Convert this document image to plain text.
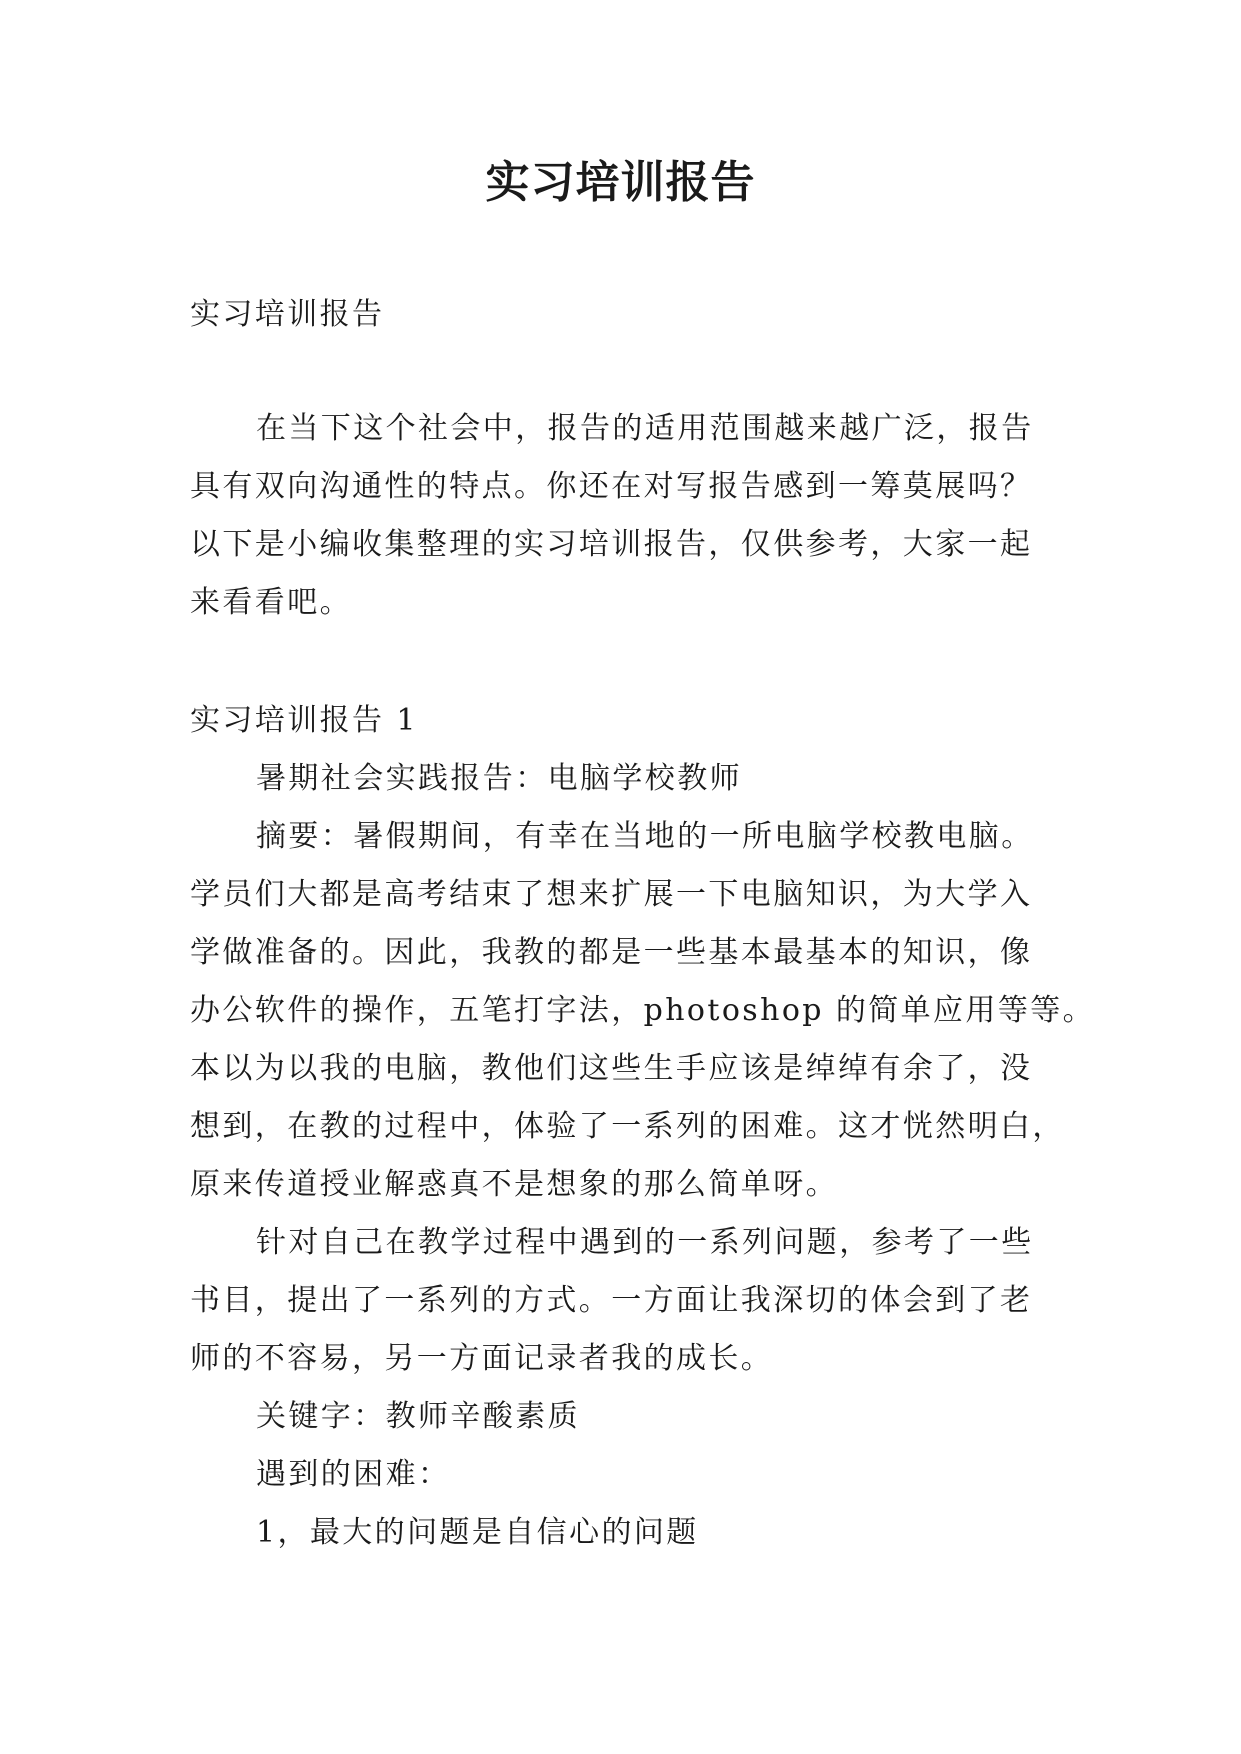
实习培训报告
实习培训报告
在当下这个社会中，报告的适用范围越来越广泛，报告
具有双向沟通性的特点。你还在对写报告感到一筹莫展吗？
以下是小编收集整理的实习培训报告，仅供参考，大家一起
来看看吧。
实习培训报告 1
暑期社会实践报告：电脑学校教师
摘要：暑假期间，有幸在当地的一所电脑学校教电脑。
学员们大都是高考结束了想来扩展一下电脑知识，为大学入
学做准备的。因此，我教的都是一些基本最基本的知识，像
办公软件的操作，五笔打字法，photoshop 的简单应用等等。
本以为以我的电脑，教他们这些生手应该是绰绰有余了，没
想到，在教的过程中，体验了一系列的困难。这才恍然明白，
原来传道授业解惑真不是想象的那么简单呀。
针对自己在教学过程中遇到的一系列问题，参考了一些
书目，提出了一系列的方式。一方面让我深切的体会到了老
师的不容易，另一方面记录者我的成长。
关键字：教师辛酸素质
遇到的困难：
1，最大的问题是自信心的问题
